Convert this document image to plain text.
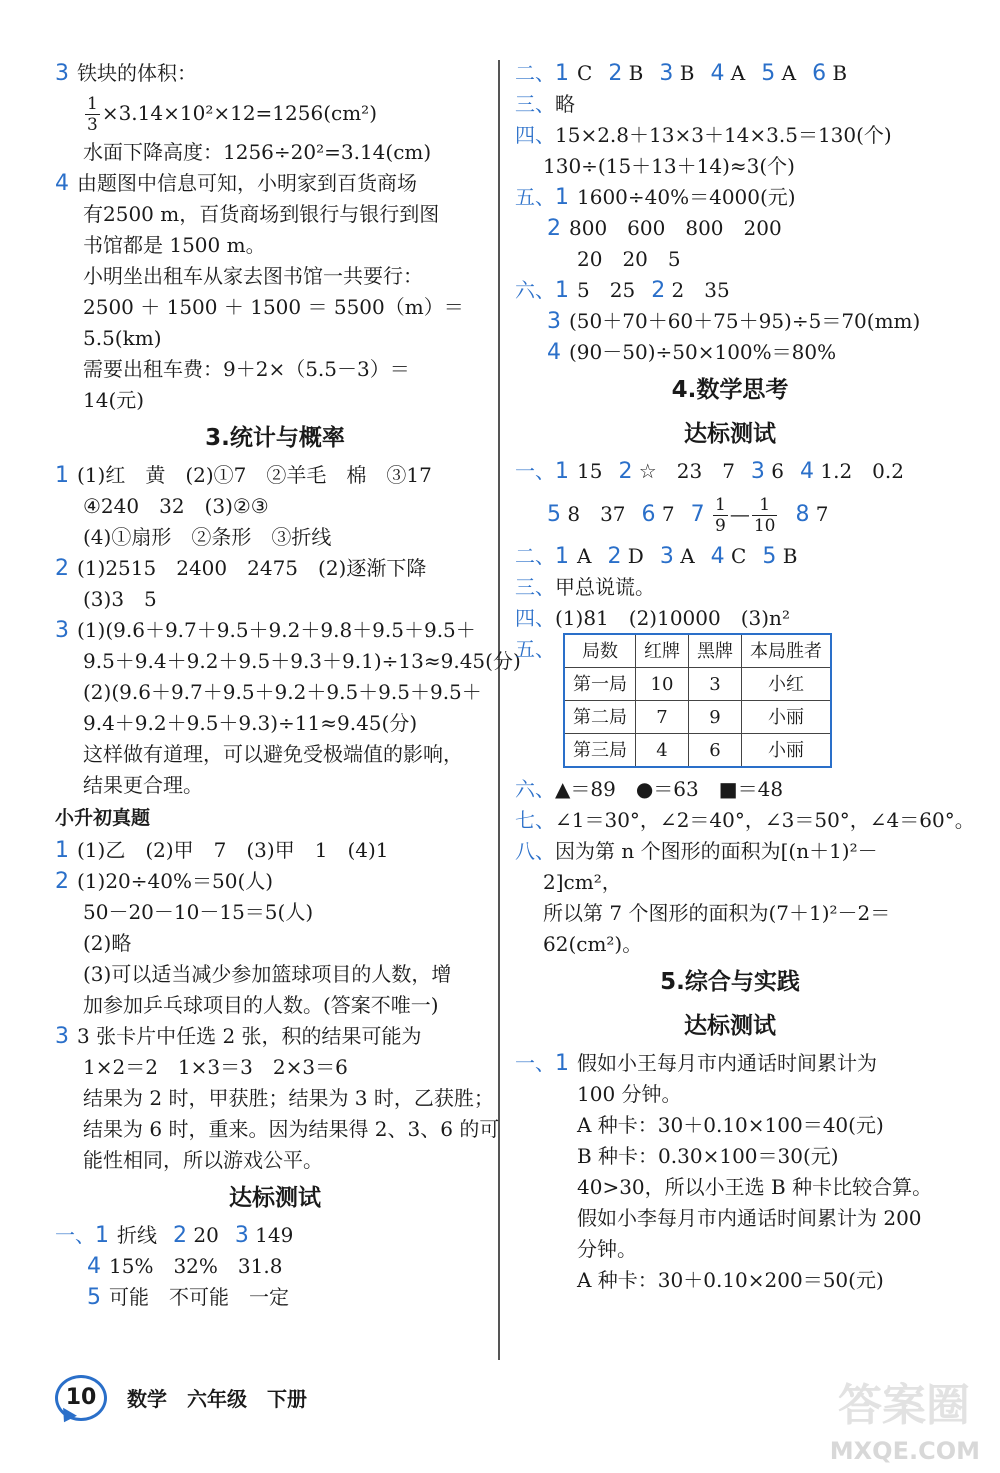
3 铁块的体积：
$\frac{1}{3} \times 3.14\times 10^2\times 12=1256(cm^2)$
水面下降高度：1256÷20²=3.14(cm)
4 由题图中信息可知，小明家到百货商场
有2500 m，百货商场到银行与银行到图
书馆都是 1500 m。
小明坐出租车从家去图书馆一共要行：
2500 ＋ 1500 ＋ 1500 ＝ 5500（m）＝
5.5(km)
需要出租车费：9＋2×（5.5－3）＝
14(元)
3.统计与概率
1 (1)红　黄　(2)①7　②羊毛　棉　③17
④240　32　(3)②③
(4)①扇形　②条形　③折线
2 (1)2515　2400　2475　(2)逐渐下降
(3)3　5
3 (1)(9.6＋9.7＋9.5＋9.2＋9.8＋9.5＋9.5＋
9.5＋9.4＋9.2＋9.5＋9.3＋9.1)÷13≈9.45(分)
(2)(9.6＋9.7＋9.5＋9.2＋9.5＋9.5＋9.5＋
9.4＋9.2＋9.5＋9.3)÷11≈9.45(分)
这样做有道理，可以避免受极端值的影响，
结果更合理。
小升初真题
1 (1)乙　(2)甲　7　(3)甲　1　(4)1
2 (1)20÷40%＝50(人)
50－20－10－15＝5(人)
(2)略
(3)可以适当减少参加篮球项目的人数，增
加参加乒乓球项目的人数。(答案不唯一)
3 3 张卡片中任选 2 张，积的结果可能为
1×2＝2　1×3＝3　2×3＝6
结果为 2 时，甲获胜；结果为 3 时，乙获胜；
结果为 6 时，重来。因为结果得 2、3、6 的可
能性相同，所以游戏公平。
达标测试
一、1 折线 2 20 3 149
4 15%　32%　31.8
5 可能　不可能　一定
二、1 C 2 B 3 B 4 A 5 A 6 B
三、略
四、15×2.8＋13×3＋14×3.5＝130(个)
130÷(15＋13＋14)≈3(个)
五、1 1600÷40%＝4000(元)
2 800　600　800　200
20　20　5
六、1 5　25 2 2　35
3 (50＋70＋60＋75＋95)÷5＝70(mm)
4 (90－50)÷50×100%＝80%
4.数学思考
达标测试
一、1 15 2 ☆　23　7 3 6 4 1.2　0.2
5 8　37 6 7 $7 \frac{1}{9}$ — $\frac{1}{10} 8$ 7
二、1 A 2 D 3 A 4 C 5 B
三、甲总说谎。
四、(1)81　(2)10000　(3)n²
五、 局数	红牌	黑牌	本局胜者
第一局	10	3	小红
第二局	7	9	小丽
第三局	4	6	小丽
六、▲＝89　●＝63　■＝48
七、∠1＝30°，∠2＝40°，∠3＝50°，∠4＝60°。
八、因为第 n 个图形的面积为[(n＋1)²－
2]cm²，
所以第 7 个图形的面积为(7＋1)²－2＝
62(cm²)。
5.综合与实践
达标测试
一、1 假如小王每月市内通话时间累计为
100 分钟。
A 种卡：30＋0.10×100＝40(元)
B 种卡：0.30×100＝30(元)
40>30，所以小王选 B 种卡比较合算。
假如小李每月市内通话时间累计为 200
分钟。
A 种卡：30＋0.10×200＝50(元)
10	数学　六年级　下册	答案圈
MXQE.COM
